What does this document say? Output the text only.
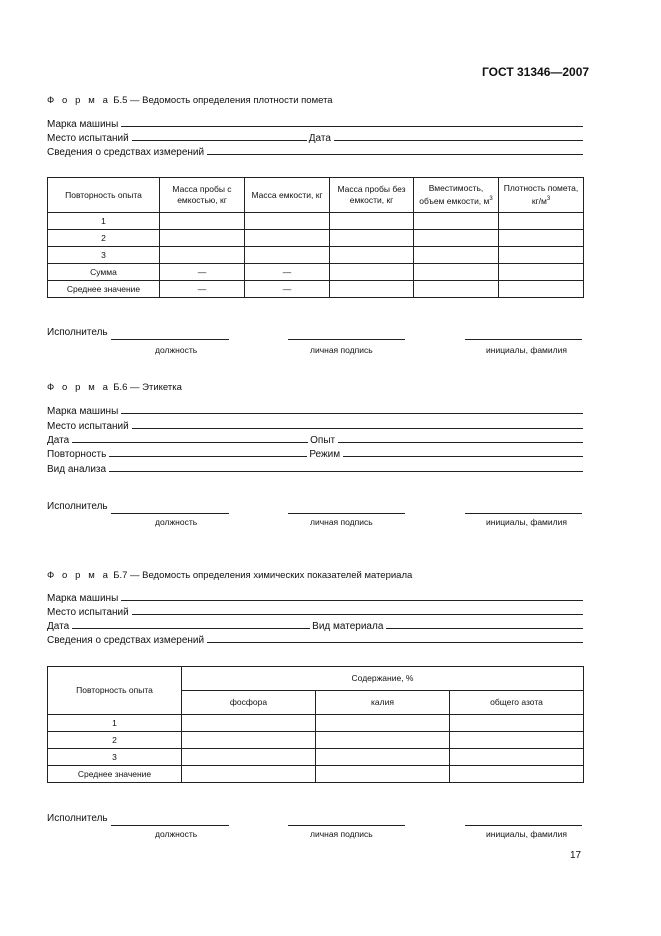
ГОСТ 31346—2007
Ф о р м а Б.5 — Ведомость определения плотности помета
Марка машины
Место испытаний	Дата
Сведения о средствах измерений
Повторность опыта	Масса пробы с емкостью, кг	Масса емкости, кг	Масса пробы без емкости, кг	Вместимость, объем емкости, $м^3$	Плотность помета, $кг/м^3$
1					
2					
3					
Сумма	—	—			
Среднее значение	—	—			
Исполнитель
должность	личная подпись	инициалы, фамилия
Ф о р м а Б.6 — Этикетка
Марка машины
Место испытаний
Дата	Опыт
Повторность	Режим
Вид анализа
Исполнитель
должность	личная подпись	инициалы, фамилия
Ф о р м а Б.7 — Ведомость определения химических показателей материала
Марка машины
Место испытаний
Дата	Вид материала
Сведения о средствах измерений
Повторность опыта	Содержание, %		
	фосфора	калия	общего азота
1			
2			
3			
Среднее значение			
Исполнитель
должность	личная подпись	инициалы, фамилия
17
